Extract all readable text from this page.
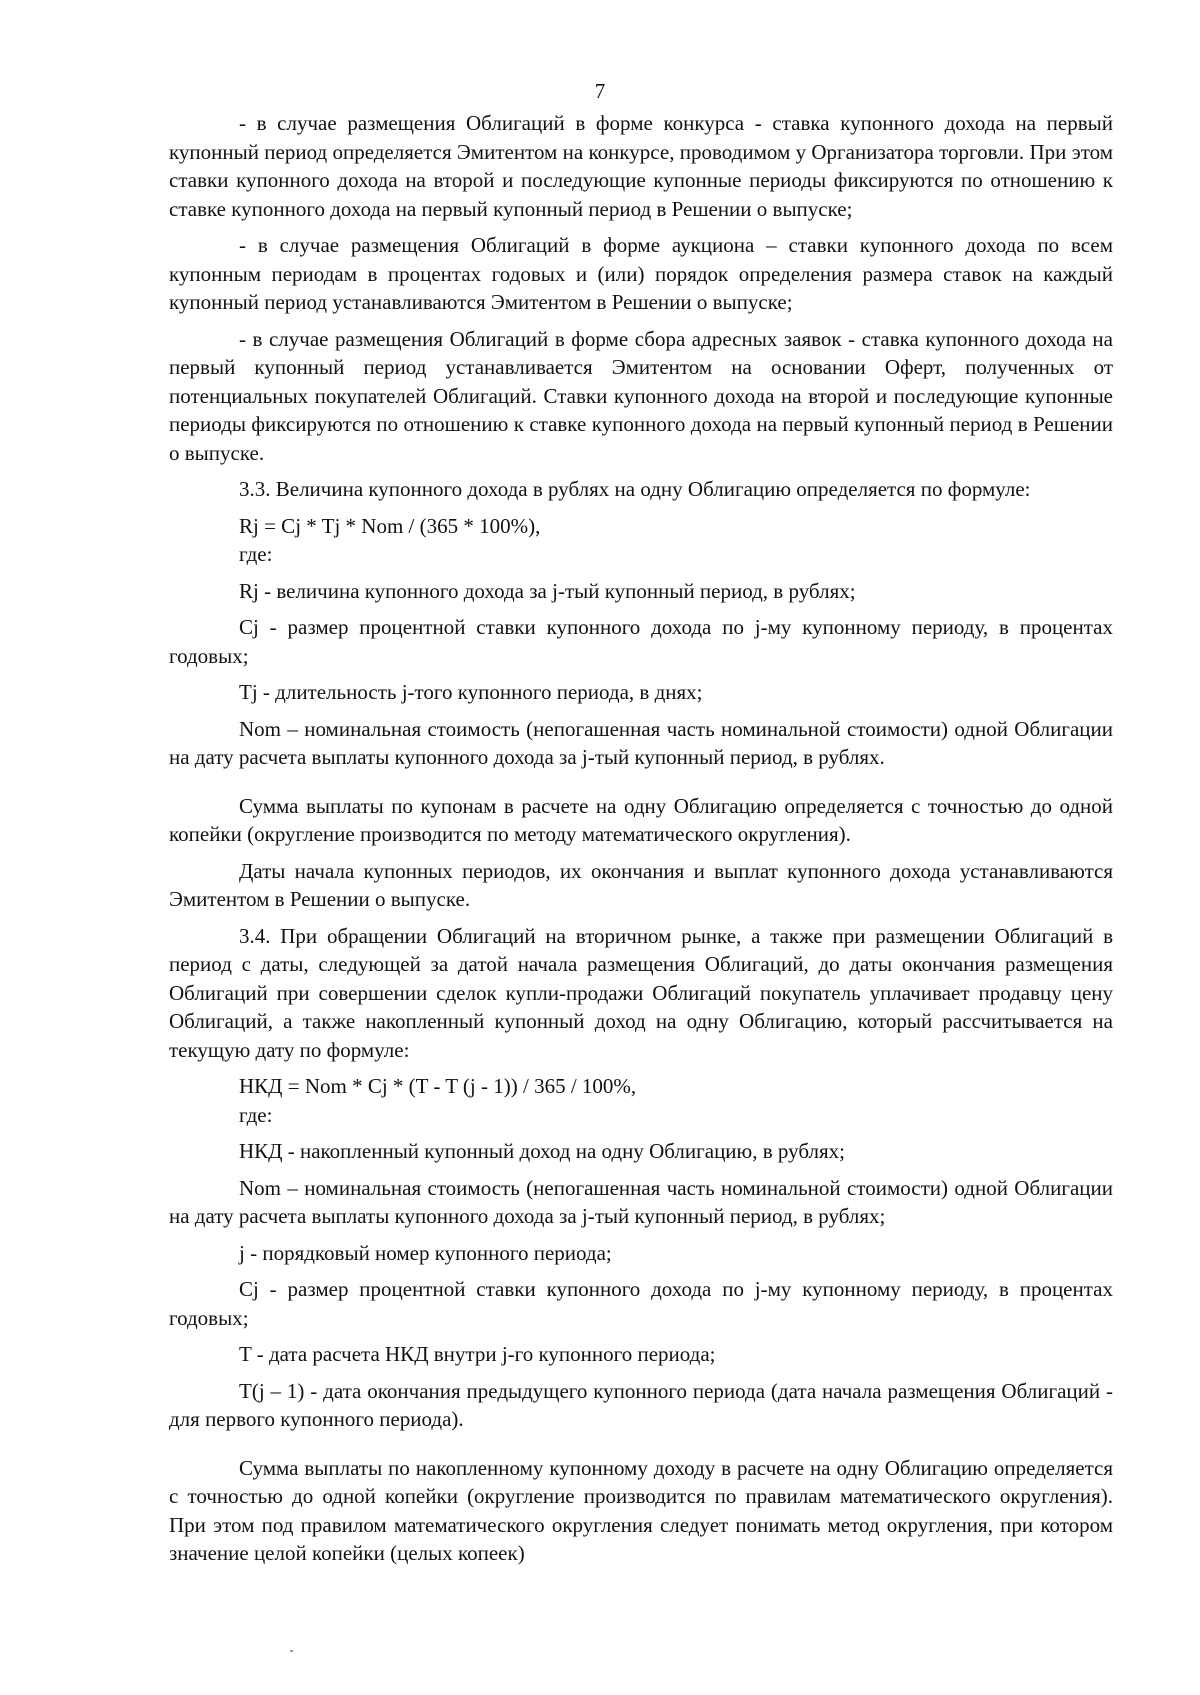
7

- в случае размещения Облигаций в форме конкурса - ставка купонного дохода на первый купонный период определяется Эмитентом на конкурсе, проводимом у Организатора торговли. При этом ставки купонного дохода на второй и последующие купонные периоды фиксируются по отношению к ставке купонного дохода на первый купонный период в Решении о выпуске;

- в случае размещения Облигаций в форме аукциона – ставки купонного дохода по всем купонным периодам в процентах годовых и (или) порядок определения размера ставок на каждый купонный период устанавливаются Эмитентом в Решении о выпуске;

- в случае размещения Облигаций в форме сбора адресных заявок - ставка купонного дохода на первый купонный период устанавливается Эмитентом на основании Оферт, полученных от потенциальных покупателей Облигаций. Ставки купонного дохода на второй и последующие купонные периоды фиксируются по отношению к ставке купонного дохода на первый купонный период в Решении о выпуске.

3.3. Величина купонного дохода в рублях на одну Облигацию определяется по формуле:

Rj = Cj * Tj * Nom / (365 * 100%),

где:

Rj - величина купонного дохода за j-тый купонный период, в рублях;

Cj - размер процентной ставки купонного дохода по j-му купонному периоду, в процентах годовых;

Tj - длительность j-того купонного периода, в днях;

Nom – номинальная стоимость (непогашенная часть номинальной стоимости) одной Облигации на дату расчета выплаты купонного дохода за j-тый купонный период, в рублях.

Сумма выплаты по купонам в расчете на одну Облигацию определяется с точностью до одной копейки (округление производится по методу математического округления).

Даты начала купонных периодов, их окончания и выплат купонного дохода устанавливаются Эмитентом в Решении о выпуске.

3.4. При обращении Облигаций на вторичном рынке, а также при размещении Облигаций в период с даты, следующей за датой начала размещения Облигаций, до даты окончания размещения Облигаций при совершении сделок купли-продажи Облигаций покупатель уплачивает продавцу цену Облигаций, а также накопленный купонный доход на одну Облигацию, который рассчитывается на текущую дату по формуле:

НКД = Nom * Cj * (T - T (j - 1)) / 365 / 100%,

где:

НКД - накопленный купонный доход на одну Облигацию, в рублях;

Nom – номинальная стоимость (непогашенная часть номинальной стоимости) одной Облигации на дату расчета выплаты купонного дохода за j-тый купонный период, в рублях;

j - порядковый номер купонного периода;

Cj - размер процентной ставки купонного дохода по j-му купонному периоду, в процентах годовых;

T - дата расчета НКД внутри j-го купонного периода;

T(j – 1) - дата окончания предыдущего купонного периода (дата начала размещения Облигаций - для первого купонного периода).

Сумма выплаты по накопленному купонному доходу в расчете на одну Облигацию определяется с точностью до одной копейки (округление производится по правилам математического округления). При этом под правилом математического округления следует понимать метод округления, при котором значение целой копейки (целых копеек)
